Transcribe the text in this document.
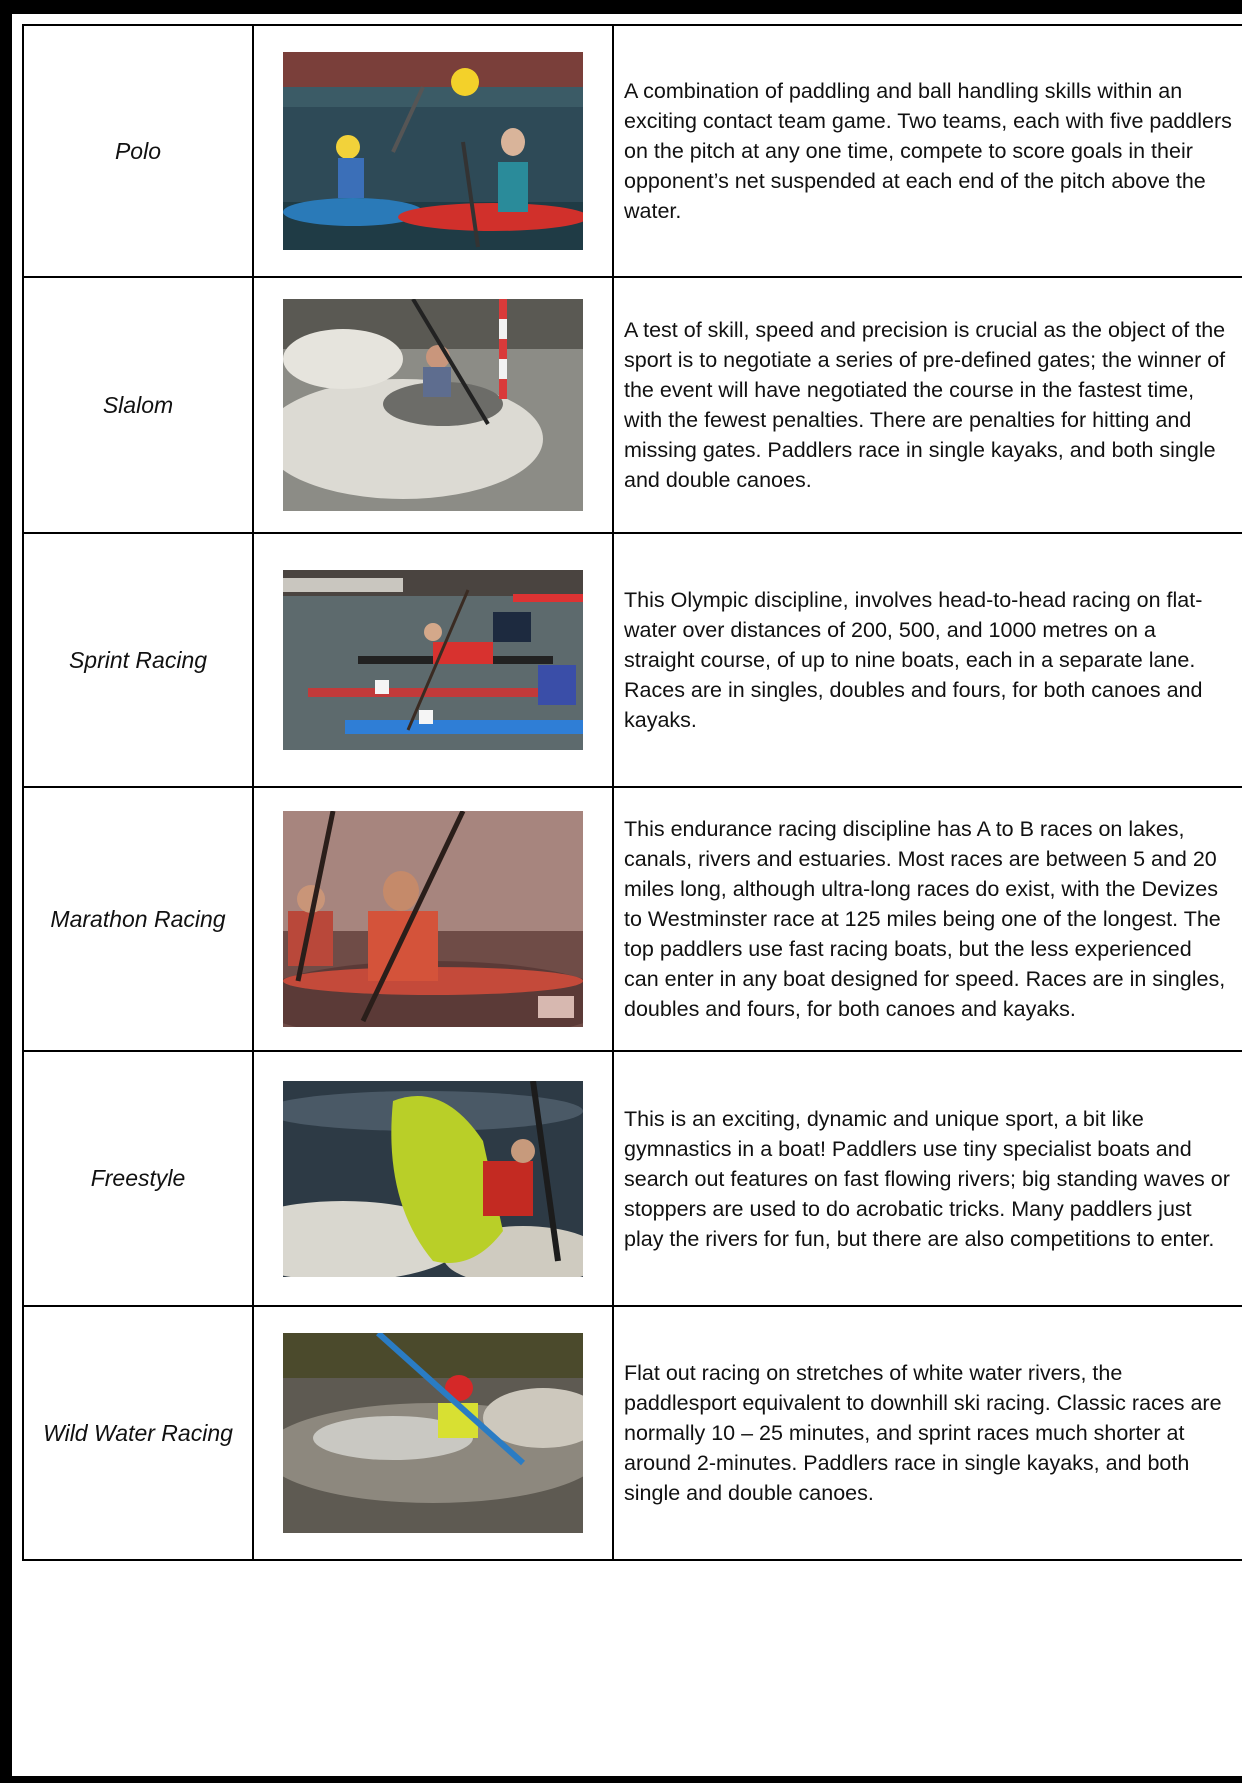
Polo		A combination of paddling and ball handling skills within an exciting contact team game. Two teams, each with five paddlers on the pitch at any one time, compete to score goals in their opponent’s net suspended at each end of the pitch above the water.
Slalom		A test of skill, speed and precision is crucial as the object of the sport is to negotiate a series of pre-defined gates; the winner of the event will have negotiated the course in the fastest time, with the fewest penalties. There are penalties for hitting and missing gates. Paddlers race in single kayaks, and both single and double canoes.
Sprint Racing		This Olympic discipline, involves head-to-head racing on flat-water over distances of 200, 500, and 1000 metres on a straight course, of up to nine boats, each in a separate lane. Races are in singles, doubles and fours, for both canoes and kayaks.
Marathon Racing		This endurance racing discipline has A to B races on lakes, canals, rivers and estuaries. Most races are between 5 and 20 miles long, although ultra-long races do exist, with the Devizes to Westminster race at 125 miles being one of the longest. The top paddlers use fast racing boats, but the less experienced can enter in any boat designed for speed. Races are in singles, doubles and fours, for both canoes and kayaks.
Freestyle		This is an exciting, dynamic and unique sport, a bit like gymnastics in a boat! Paddlers use tiny specialist boats and search out features on fast flowing rivers; big standing waves or stoppers are used to do acrobatic tricks. Many paddlers just play the rivers for fun, but there are also competitions to enter.
Wild Water Racing		Flat out racing on stretches of white water rivers, the paddlesport equivalent to downhill ski racing. Classic races are normally 10 – 25 minutes, and sprint races much shorter at around 2-minutes. Paddlers race in single kayaks, and both single and double canoes.
